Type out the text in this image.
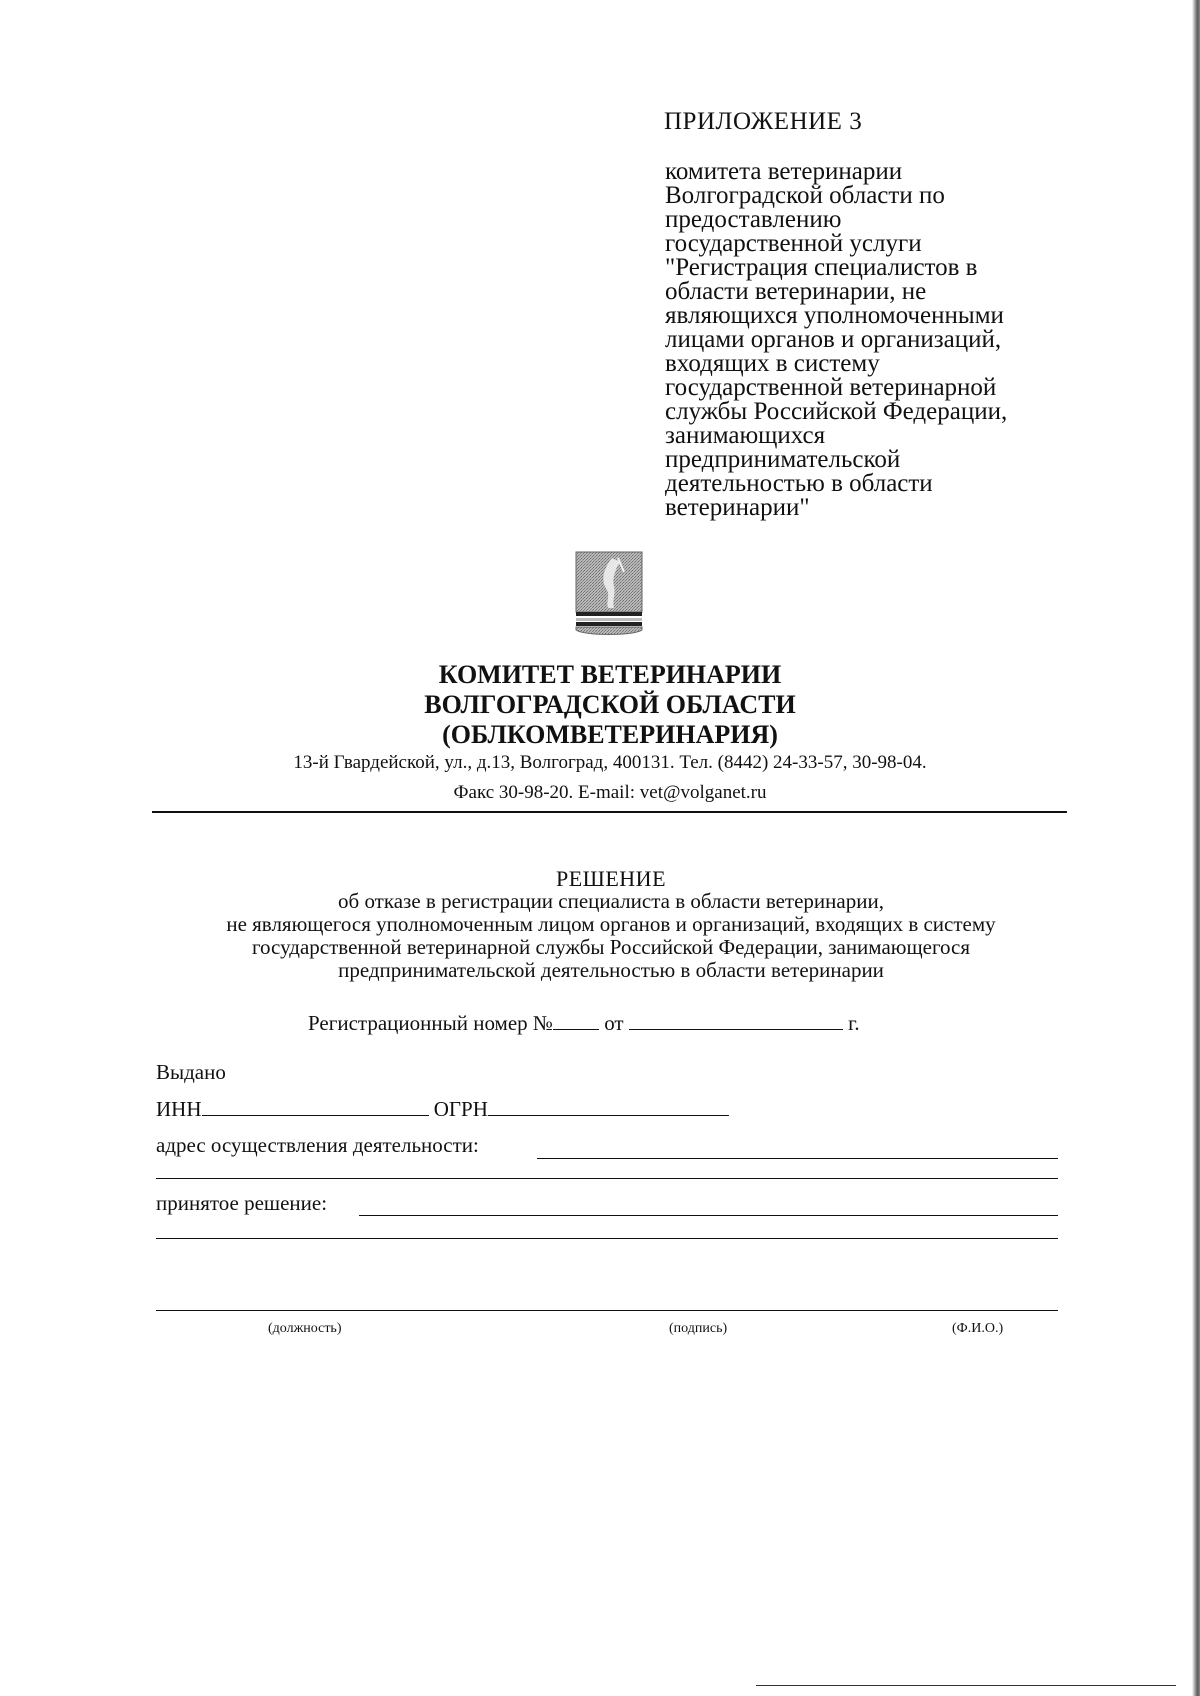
ПРИЛОЖЕНИЕ 3
комитета ветеринарии
Волгоградской области по
предоставлению
государственной услуги
"Регистрация специалистов в
области ветеринарии, не
являющихся уполномоченными
лицами органов и организаций,
входящих в систему
государственной ветеринарной
службы Российской Федерации,
занимающихся
предпринимательской
деятельностью в области
ветеринарии"
КОМИТЕТ ВЕТЕРИНАРИИ
ВОЛГОГРАДСКОЙ ОБЛАСТИ
(ОБЛКОМВЕТЕРИНАРИЯ)
13-й Гвардейской, ул., д.13, Волгоград, 400131. Тел. (8442) 24-33-57, 30-98-04.
Факс 30-98-20. E-mail: vet@volganet.ru
РЕШЕНИЕ
об отказе в регистрации специалиста в области ветеринарии,
не являющегося уполномоченным лицом органов и организаций, входящих в систему
государственной ветеринарной службы Российской Федерации, занимающегося
предпринимательской деятельностью в области ветеринарии
Регистрационный номер № от	г.
Выдано
ИНН	ОГРН
адрес осуществления деятельности:
принятое решение:
(должность)	(подпись)	(Ф.И.О.)
